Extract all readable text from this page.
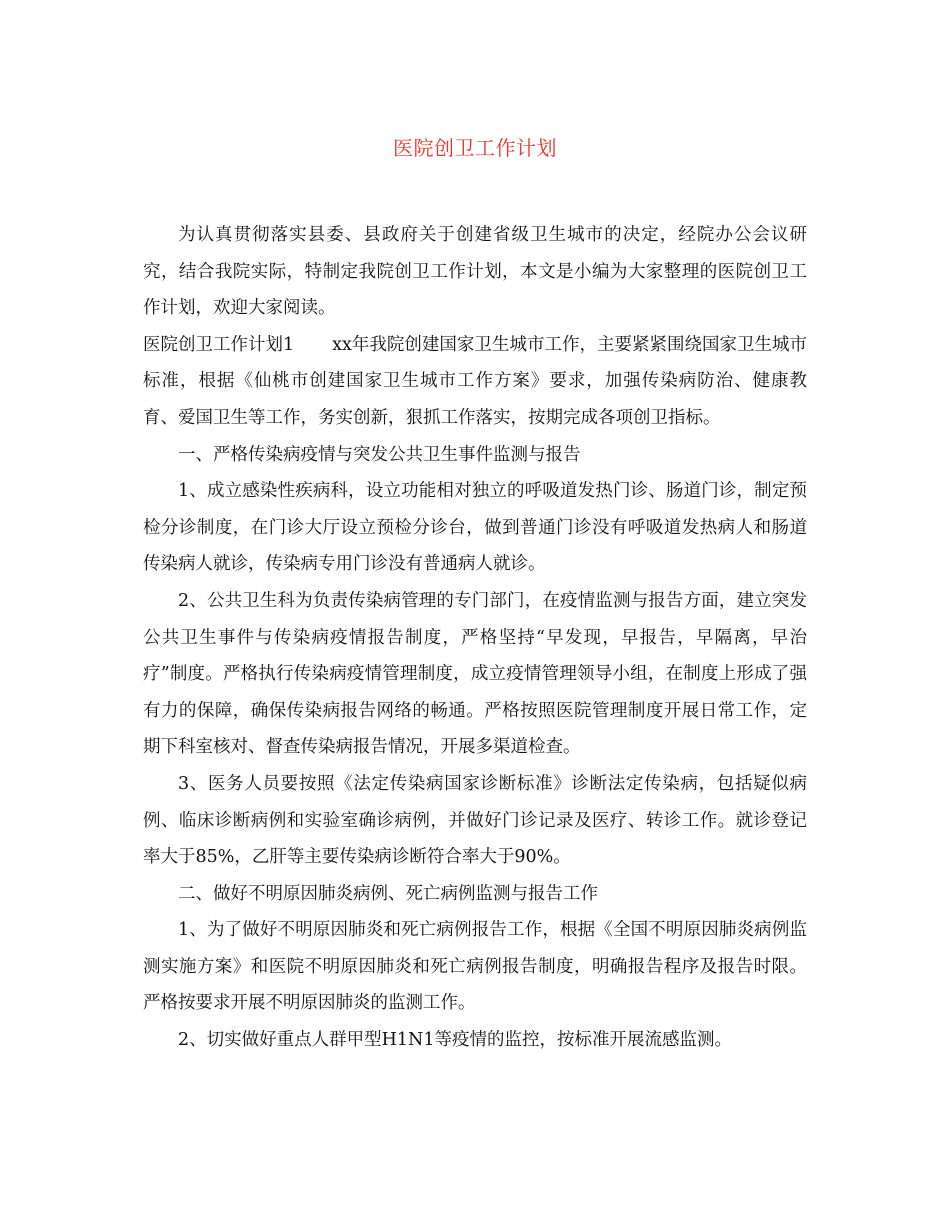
医院创卫工作计划

为认真贯彻落实县委、县政府关于创建省级卫生城市的决定，经院办公会议研究，结合我院实际，特制定我院创卫工作计划，本文是小编为大家整理的医院创卫工作计划，欢迎大家阅读。

医院创卫工作计划1 xx年我院创建国家卫生城市工作，主要紧紧围绕国家卫生城市标准，根据《仙桃市创建国家卫生城市工作方案》要求，加强传染病防治、健康教育、爱国卫生等工作，务实创新，狠抓工作落实，按期完成各项创卫指标。

一、严格传染病疫情与突发公共卫生事件监测与报告

1、成立感染性疾病科，设立功能相对独立的呼吸道发热门诊、肠道门诊，制定预检分诊制度，在门诊大厅设立预检分诊台，做到普通门诊没有呼吸道发热病人和肠道传染病人就诊，传染病专用门诊没有普通病人就诊。

2、公共卫生科为负责传染病管理的专门部门，在疫情监测与报告方面，建立突发公共卫生事件与传染病疫情报告制度，严格坚持“早发现，早报告，早隔离，早治疗”制度。严格执行传染病疫情管理制度，成立疫情管理领导小组，在制度上形成了强有力的保障，确保传染病报告网络的畅通。严格按照医院管理制度开展日常工作，定期下科室核对、督查传染病报告情况，开展多渠道检查。

3、医务人员要按照《法定传染病国家诊断标准》诊断法定传染病，包括疑似病例、临床诊断病例和实验室确诊病例，并做好门诊记录及医疗、转诊工作。就诊登记率大于85%，乙肝等主要传染病诊断符合率大于90%。

二、做好不明原因肺炎病例、死亡病例监测与报告工作

1、为了做好不明原因肺炎和死亡病例报告工作，根据《全国不明原因肺炎病例监测实施方案》和医院不明原因肺炎和死亡病例报告制度，明确报告程序及报告时限。严格按要求开展不明原因肺炎的监测工作。

2、切实做好重点人群甲型H1N1等疫情的监控，按标准开展流感监测。
